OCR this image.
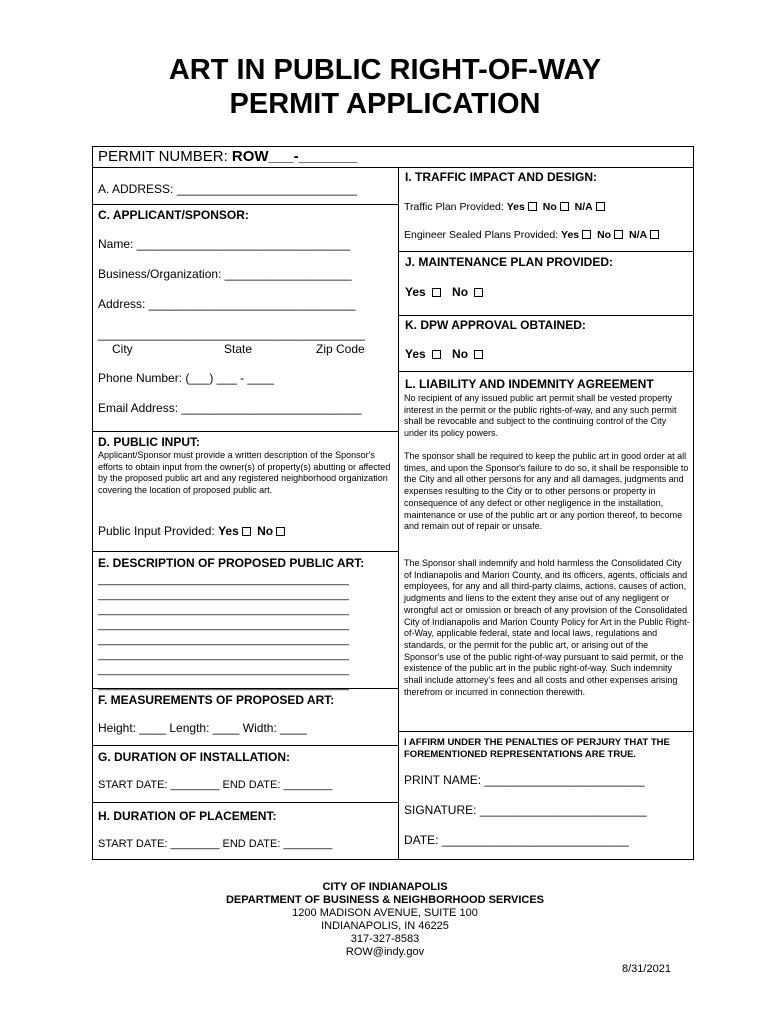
ART IN PUBLIC RIGHT-OF-WAY
PERMIT APPLICATION
PERMIT NUMBER: ROW___-_______
A. ADDRESS: ___________________________
C. APPLICANT/SPONSOR:
Name: ________________________________
Business/Organization: ___________________
Address: _______________________________
________________________________________
City	State	Zip Code
Phone Number: (___) ___ - ____
Email Address: ___________________________
D. PUBLIC INPUT:
Applicant/Sponsor must provide a written description of the Sponsor's efforts to obtain input from the owner(s) of property(s) abutting or affected by the proposed public art and any registered neighborhood organization covering the location of proposed public art.
Public Input Provided: Yes No
E. DESCRIPTION OF PROPOSED PUBLIC ART:
_________________________________________
_________________________________________
_________________________________________
_________________________________________
_________________________________________
_________________________________________
_________________________________________
_________________________________________
F. MEASUREMENTS OF PROPOSED ART:
Height: ____ Length: ____ Width: ____
G. DURATION OF INSTALLATION:
START DATE: ________ END DATE: ________
H. DURATION OF PLACEMENT:
START DATE: ________ END DATE: ________
I. TRAFFIC IMPACT AND DESIGN:
Traffic Plan Provided: Yes No N/A
Engineer Sealed Plans Provided: Yes No N/A
J. MAINTENANCE PLAN PROVIDED:
Yes No
K. DPW APPROVAL OBTAINED:
Yes No
L. LIABILITY AND INDEMNITY AGREEMENT
No recipient of any issued public art permit shall be vested property interest in the permit or the public rights-of-way, and any such permit shall be revocable and subject to the continuing control of the City under its policy powers.
The sponsor shall be required to keep the public art in good order at all times, and upon the Sponsor's failure to do so, it shall be responsible to the City and all other persons for any and all damages, judgments and expenses resulting to the City or to other persons or property in consequence of any defect or other negligence in the installation, maintenance or use of the public art or any portion thereof, to become and remain out of repair or unsafe.
The Sponsor shall indemnify and hold harmless the Consolidated City of Indianapolis and Marion County, and its officers, agents, officials and employees, for any and all third-party claims, actions, causes of action, judgments and liens to the extent they arise out of any negligent or wrongful act or omission or breach of any provision of the Consolidated City of Indianapolis and Marion County Policy for Art in the Public Right-of-Way, applicable federal, state and local laws, regulations and standards, or the permit for the public art, or arising out of the Sponsor's use of the public right-of-way pursuant to said permit, or the existence of the public art in the public right-of-way. Such indemnity shall include attorney's fees and all costs and other expenses arising therefrom or incurred in connection therewith.
I AFFIRM UNDER THE PENALTIES OF PERJURY THAT THE FOREMENTIONED REPRESENTATIONS ARE TRUE.
PRINT NAME: ________________________
SIGNATURE: _________________________
DATE: ____________________________
CITY OF INDIANAPOLIS
DEPARTMENT OF BUSINESS & NEIGHBORHOOD SERVICES
1200 MADISON AVENUE, SUITE 100
INDIANAPOLIS, IN 46225
317-327-8583
ROW@indy.gov
8/31/2021
